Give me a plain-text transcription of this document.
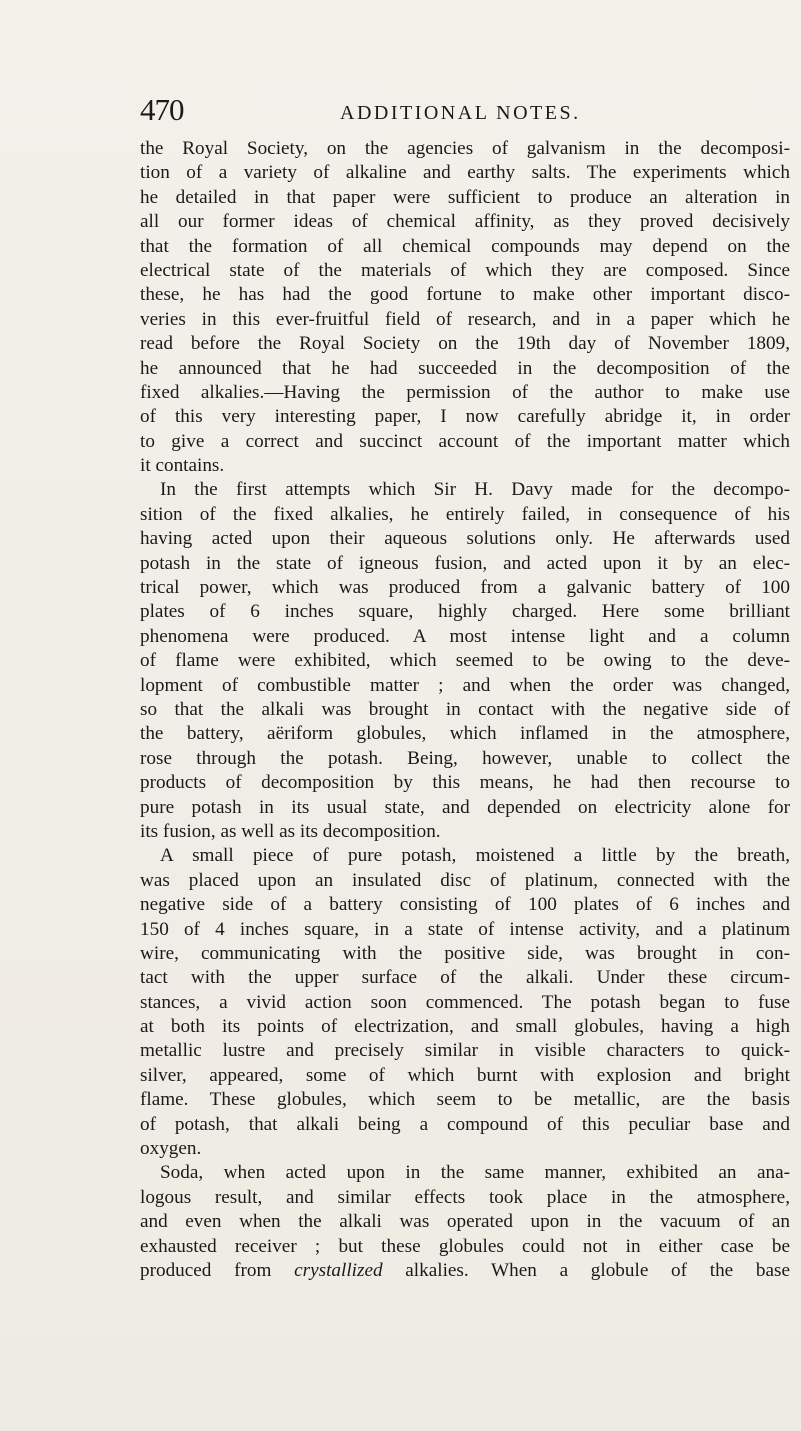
470	ADDITIONAL NOTES.
the Royal Society, on the agencies of galvanism in the decomposi-
tion of a variety of alkaline and earthy salts. The experiments which
he detailed in that paper were sufficient to produce an alteration in
all our former ideas of chemical affinity, as they proved decisively
that the formation of all chemical compounds may depend on the
electrical state of the materials of which they are composed. Since
these, he has had the good fortune to make other important disco-
veries in this ever-fruitful field of research, and in a paper which he
read before the Royal Society on the 19th day of November 1809,
he announced that he had succeeded in the decomposition of the
fixed alkalies.—Having the permission of the author to make use
of this very interesting paper, I now carefully abridge it, in order
to give a correct and succinct account of the important matter which
it contains.
In the first attempts which Sir H. Davy made for the decompo-
sition of the fixed alkalies, he entirely failed, in consequence of his
having acted upon their aqueous solutions only. He afterwards used
potash in the state of igneous fusion, and acted upon it by an elec-
trical power, which was produced from a galvanic battery of 100
plates of 6 inches square, highly charged. Here some brilliant
phenomena were produced. A most intense light and a column
of flame were exhibited, which seemed to be owing to the deve-
lopment of combustible matter ; and when the order was changed,
so that the alkali was brought in contact with the negative side of
the battery, aëriform globules, which inflamed in the atmosphere,
rose through the potash. Being, however, unable to collect the
products of decomposition by this means, he had then recourse to
pure potash in its usual state, and depended on electricity alone for
its fusion, as well as its decomposition.
A small piece of pure potash, moistened a little by the breath,
was placed upon an insulated disc of platinum, connected with the
negative side of a battery consisting of 100 plates of 6 inches and
150 of 4 inches square, in a state of intense activity, and a platinum
wire, communicating with the positive side, was brought in con-
tact with the upper surface of the alkali. Under these circum-
stances, a vivid action soon commenced. The potash began to fuse
at both its points of electrization, and small globules, having a high
metallic lustre and precisely similar in visible characters to quick-
silver, appeared, some of which burnt with explosion and bright
flame. These globules, which seem to be metallic, are the basis
of potash, that alkali being a compound of this peculiar base and
oxygen.
Soda, when acted upon in the same manner, exhibited an ana-
logous result, and similar effects took place in the atmosphere,
and even when the alkali was operated upon in the vacuum of an
exhausted receiver ; but these globules could not in either case be
produced from crystallized alkalies. When a globule of the base
